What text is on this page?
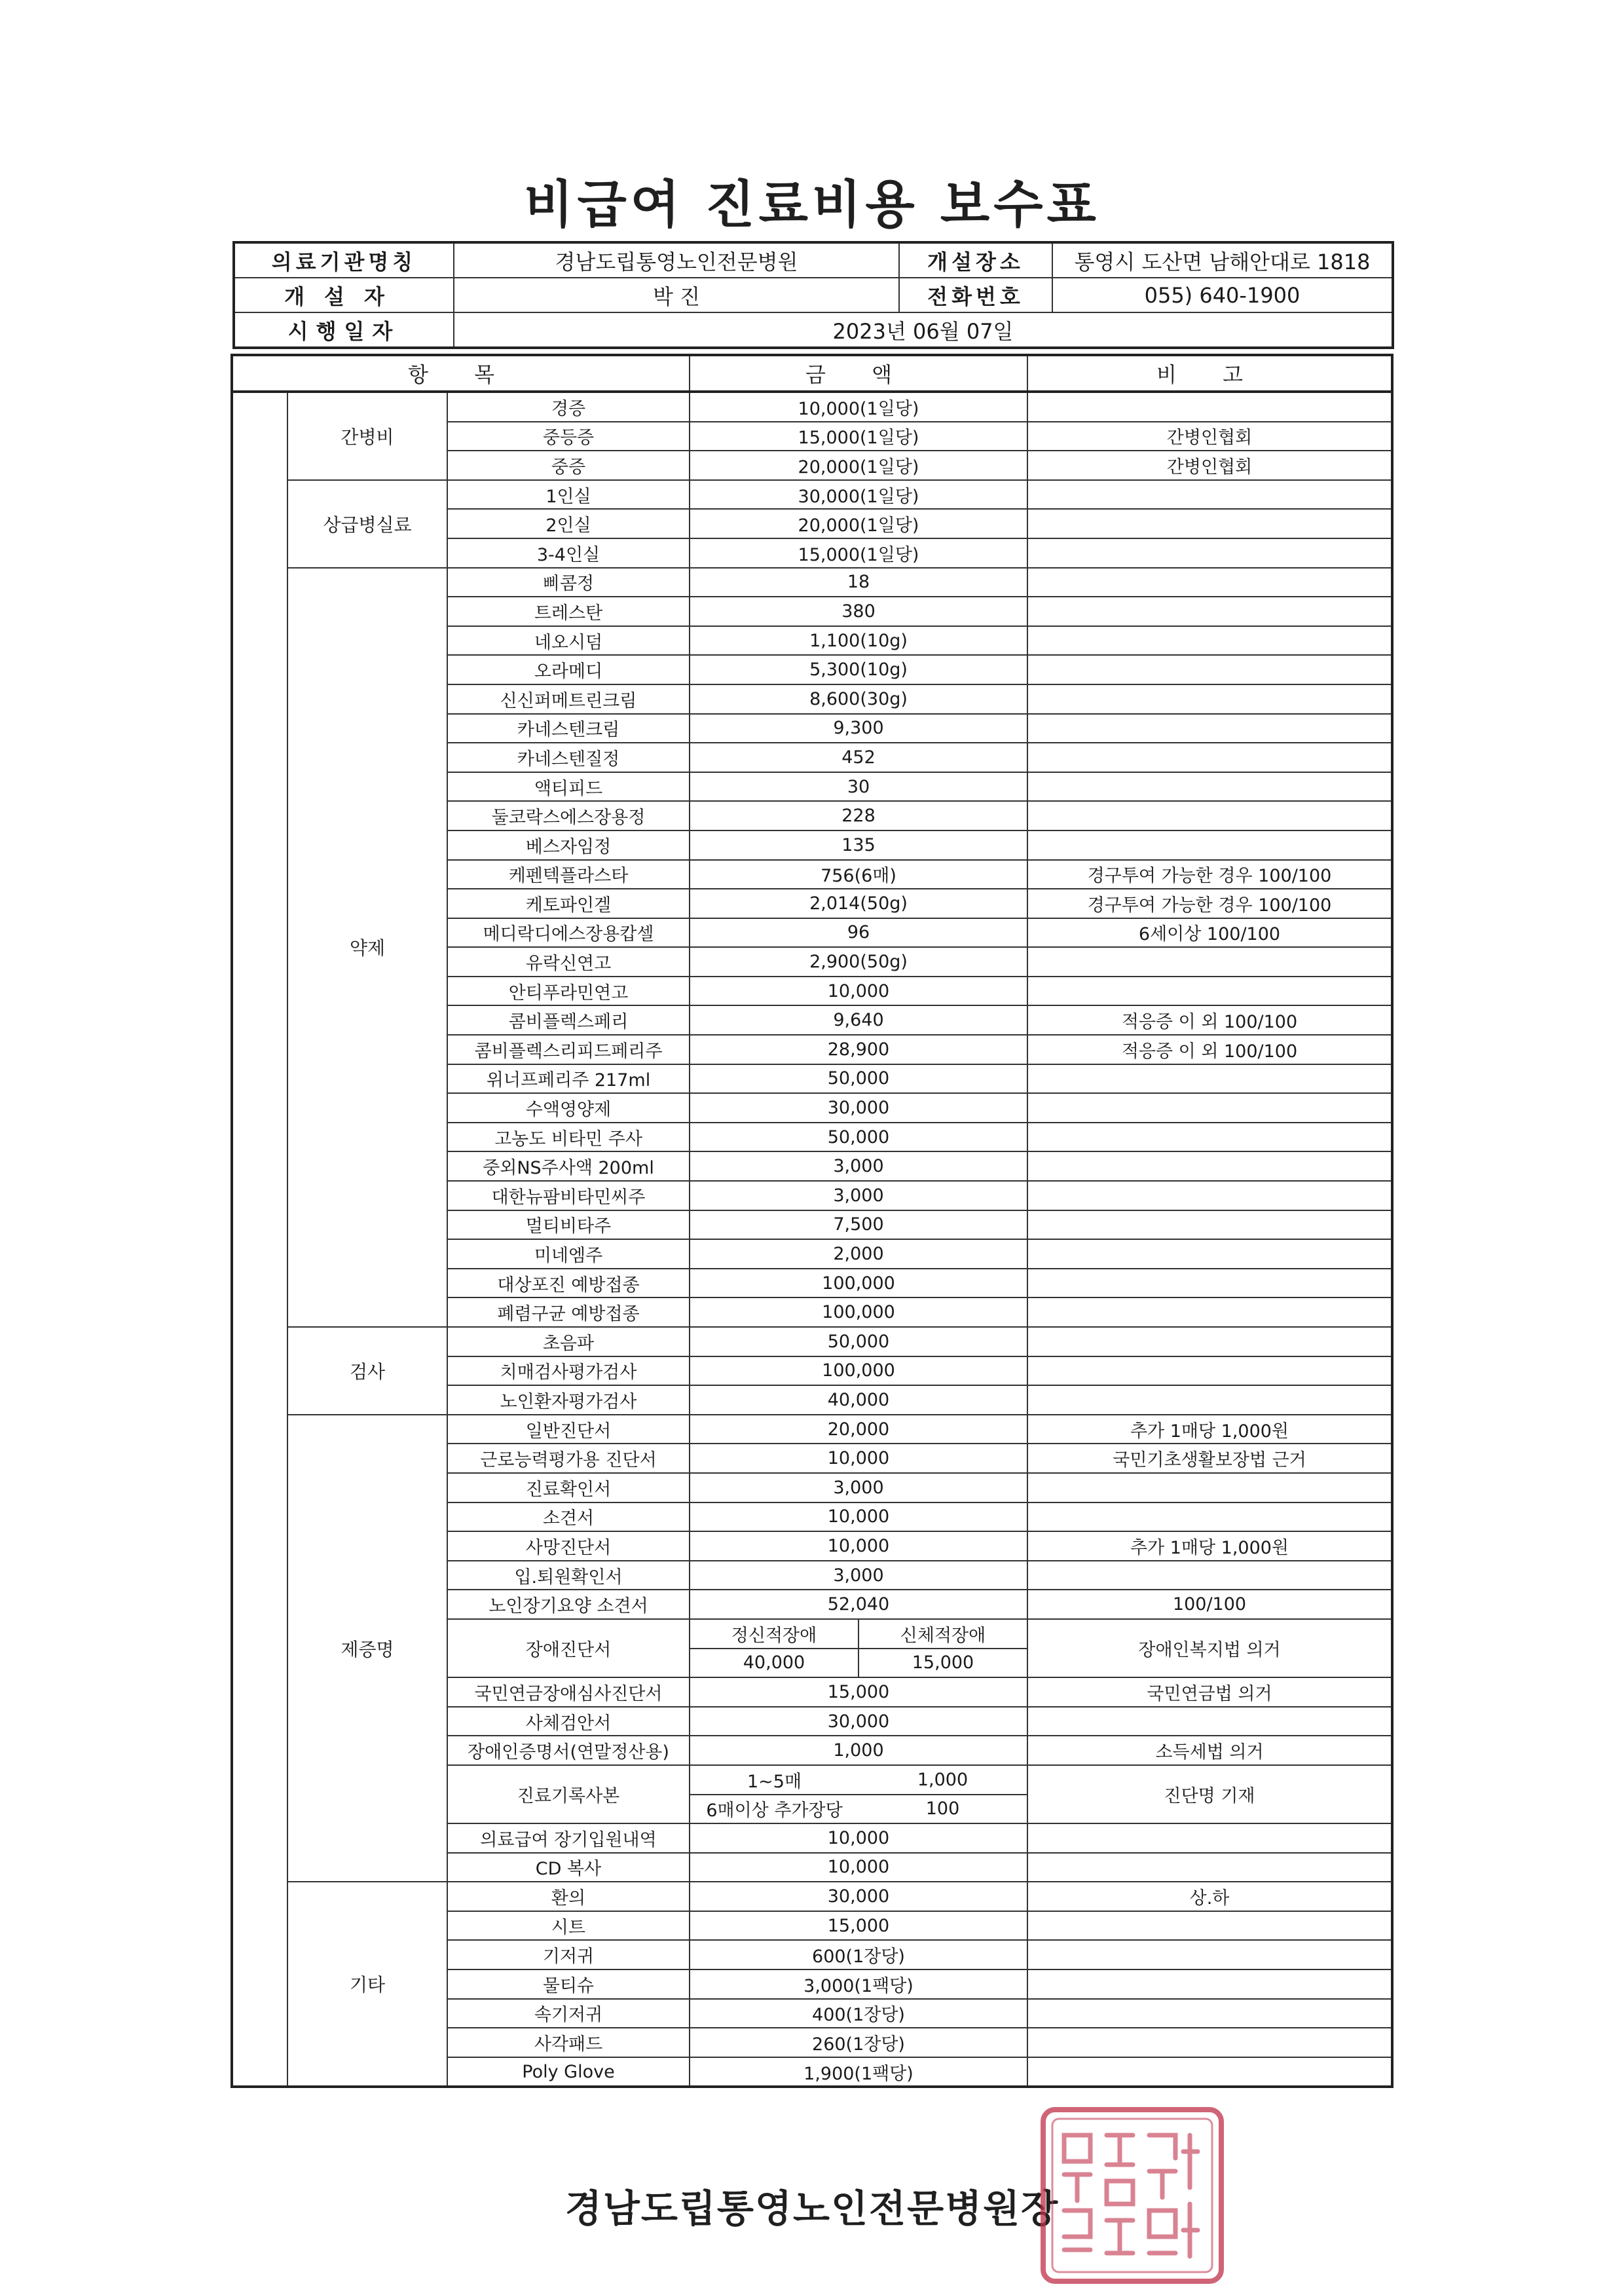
비급여 진료비용 보수표
의료기관명칭	경남도립통영노인전문병원	개설장소	통영시 도산면 남해안대로 1818
개설자	박 진	전화번호	055) 640-1900
시행일자	2023년 06월 07일		
항 목			금 액		비 고
	간병비	경증	10,000(1일당)		
		중등증	15,000(1일당)		간병인협회
		중증	20,000(1일당)		간병인협회
	상급병실료	1인실	30,000(1일당)		
		2인실	20,000(1일당)		
		3-4인실	15,000(1일당)		
	약제	삐콤정	18		
		트레스탄	380		
		네오시덤	1,100(10g)		
		오라메디	5,300(10g)		
		신신퍼메트린크림	8,600(30g)		
		카네스텐크림	9,300		
		카네스텐질정	452		
		액티피드	30		
		둘코락스에스장용정	228		
		베스자임정	135		
		케펜텍플라스타	756(6매)		경구투여 가능한 경우 100/100
		케토파인겔	2,014(50g)		경구투여 가능한 경우 100/100
		메디락디에스장용캅셀	96		6세이상 100/100
		유락신연고	2,900(50g)		
		안티푸라민연고	10,000		
		콤비플렉스페리	9,640		적응증 이 외 100/100
		콤비플렉스리피드페리주	28,900		적응증 이 외 100/100
		위너프페리주 217ml	50,000		
		수액영양제	30,000		
		고농도 비타민 주사	50,000		
		중외NS주사액 200ml	3,000		
		대한뉴팜비타민씨주	3,000		
		멀티비타주	7,500		
		미네엠주	2,000		
		대상포진 예방접종	100,000		
		폐렴구균 예방접종	100,000		
	검사	초음파	50,000		
		치매검사평가검사	100,000		
		노인환자평가검사	40,000		
	제증명	일반진단서	20,000		추가 1매당 1,000원
		근로능력평가용 진단서	10,000		국민기초생활보장법 근거
		진료확인서	3,000		
		소견서	10,000		
		사망진단서	10,000		추가 1매당 1,000원
		입.퇴원확인서	3,000		
		노인장기요양 소견서	52,040		100/100
		장애진단서	정신적장애	신체적장애	장애인복지법 의거
			40,000	15,000	
		국민연금장애심사진단서	15,000		국민연금법 의거
		사체검안서	30,000		
		장애인증명서(연말정산용)	1,000		소득세법 의거
		진료기록사본	1~5매	1,000	진단명 기재
			6매이상 추가장당	100	
		의료급여 장기입원내역	10,000		
		CD 복사	10,000		
	기타	환의	30,000		상.하
		시트	15,000		
		기저귀	600(1장당)		
		물티슈	3,000(1팩당)		
		속기저귀	400(1장당)		
		사각패드	260(1장당)		
		Poly Glove	1,900(1팩당)		
경남도립통영노인전문병원장
